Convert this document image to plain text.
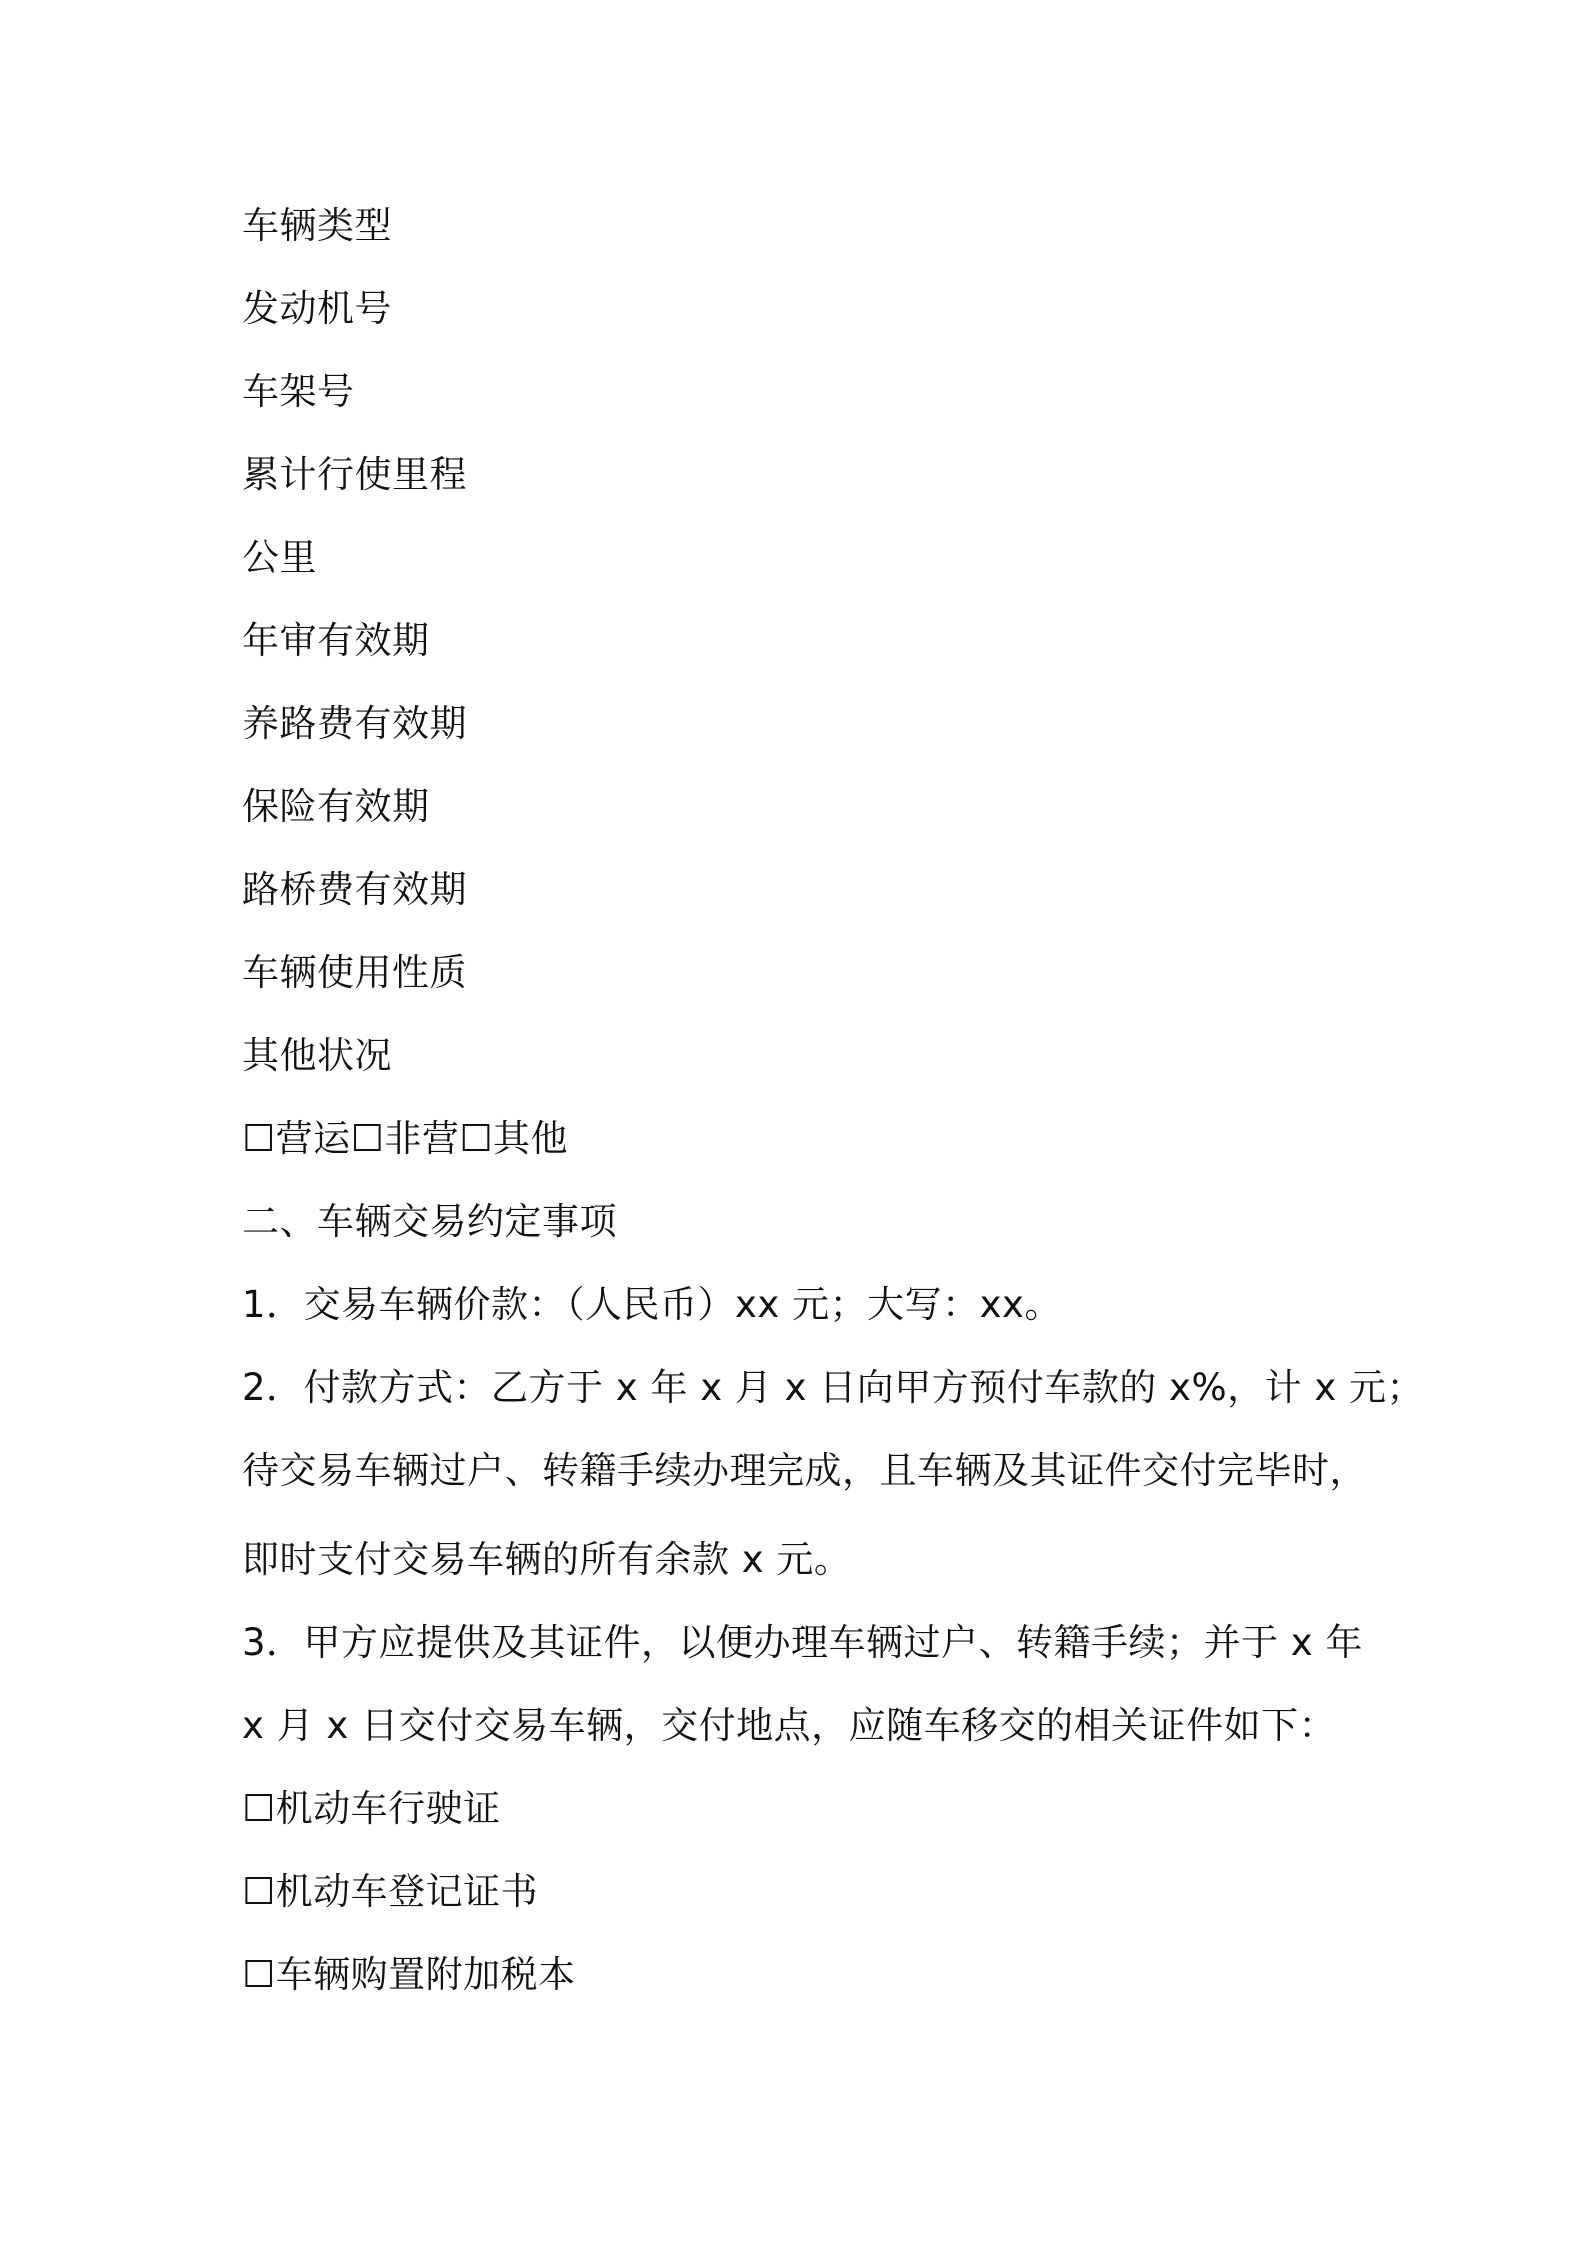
车辆类型
发动机号
车架号
累计行使里程
公里
年审有效期
养路费有效期
保险有效期
路桥费有效期
车辆使用性质
其他状况
☐营运☐非营☐其他
二、车辆交易约定事项
1．交易车辆价款：（人民币）xx 元；大写：xx。
2．付款方式：乙方于 x 年 x 月 x 日向甲方预付车款的 x%，计 x 元；
待交易车辆过户、转籍手续办理完成，且车辆及其证件交付完毕时，
即时支付交易车辆的所有余款 x 元。
3．甲方应提供及其证件，以便办理车辆过户、转籍手续；并于 x 年
x 月 x 日交付交易车辆，交付地点，应随车移交的相关证件如下：
☐机动车行驶证
☐机动车登记证书
☐车辆购置附加税本
